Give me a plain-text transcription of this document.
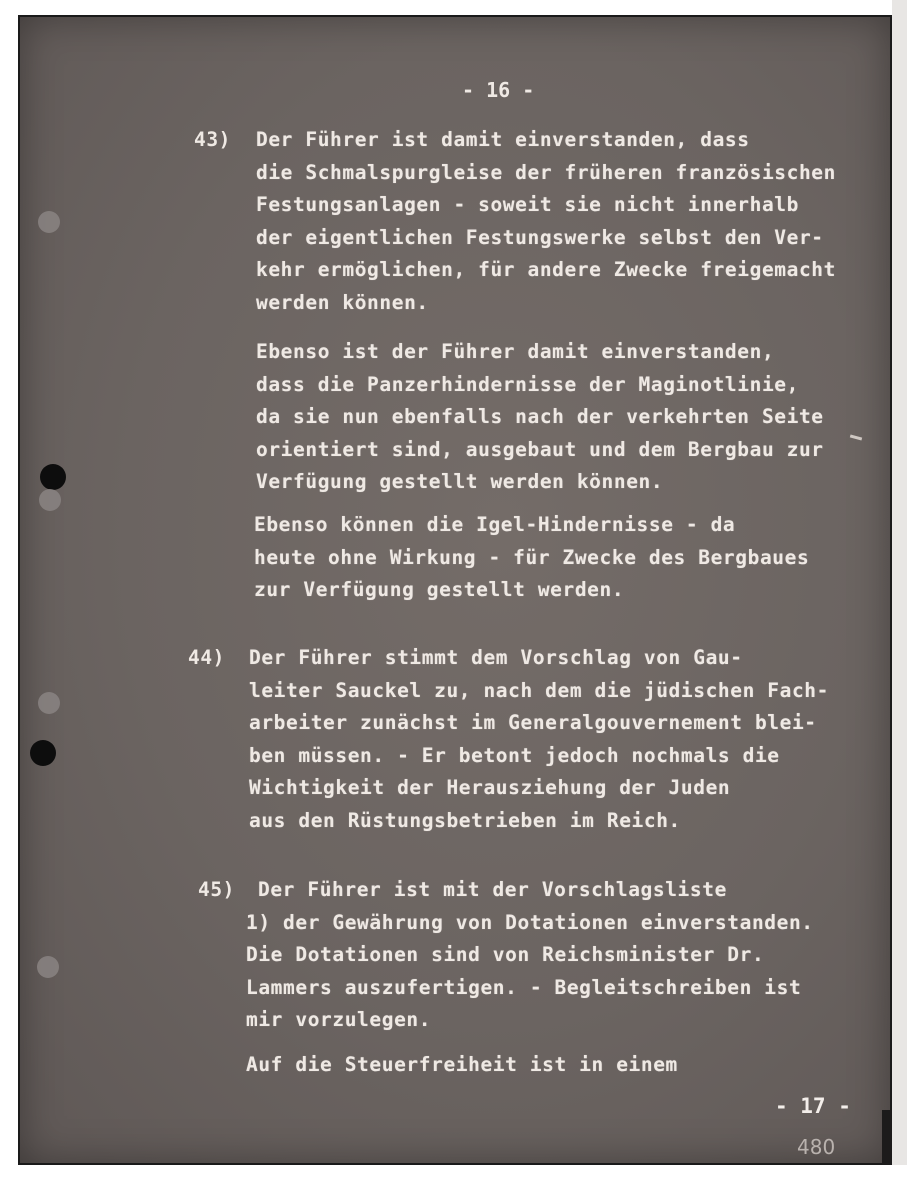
- 16 -
43) Der Führer ist damit einverstanden, dass
die Schmalspurgleise der früheren französischen
Festungsanlagen - soweit sie nicht innerhalb
der eigentlichen Festungswerke selbst den Ver-
kehr ermöglichen, für andere Zwecke freigemacht
werden können.
Ebenso ist der Führer damit einverstanden,
dass die Panzerhindernisse der Maginotlinie,
da sie nun ebenfalls nach der verkehrten Seite
orientiert sind, ausgebaut und dem Bergbau zur
Verfügung gestellt werden können.
Ebenso können die Igel-Hindernisse - da
heute ohne Wirkung - für Zwecke des Bergbaues
zur Verfügung gestellt werden.
44) Der Führer stimmt dem Vorschlag von Gau-
leiter Sauckel zu, nach dem die jüdischen Fach-
arbeiter zunächst im Generalgouvernement blei-
ben müssen. - Er betont jedoch nochmals die
Wichtigkeit der Herausziehung der Juden
aus den Rüstungsbetrieben im Reich.
45)	Der Führer ist mit der Vorschlagsliste
1) der Gewährung von Dotationen einverstanden.
Die Dotationen sind von Reichsminister Dr.
Lammers auszufertigen. - Begleitschreiben ist
mir vorzulegen.
Auf die Steuerfreiheit ist in einem
- 17 -
480
